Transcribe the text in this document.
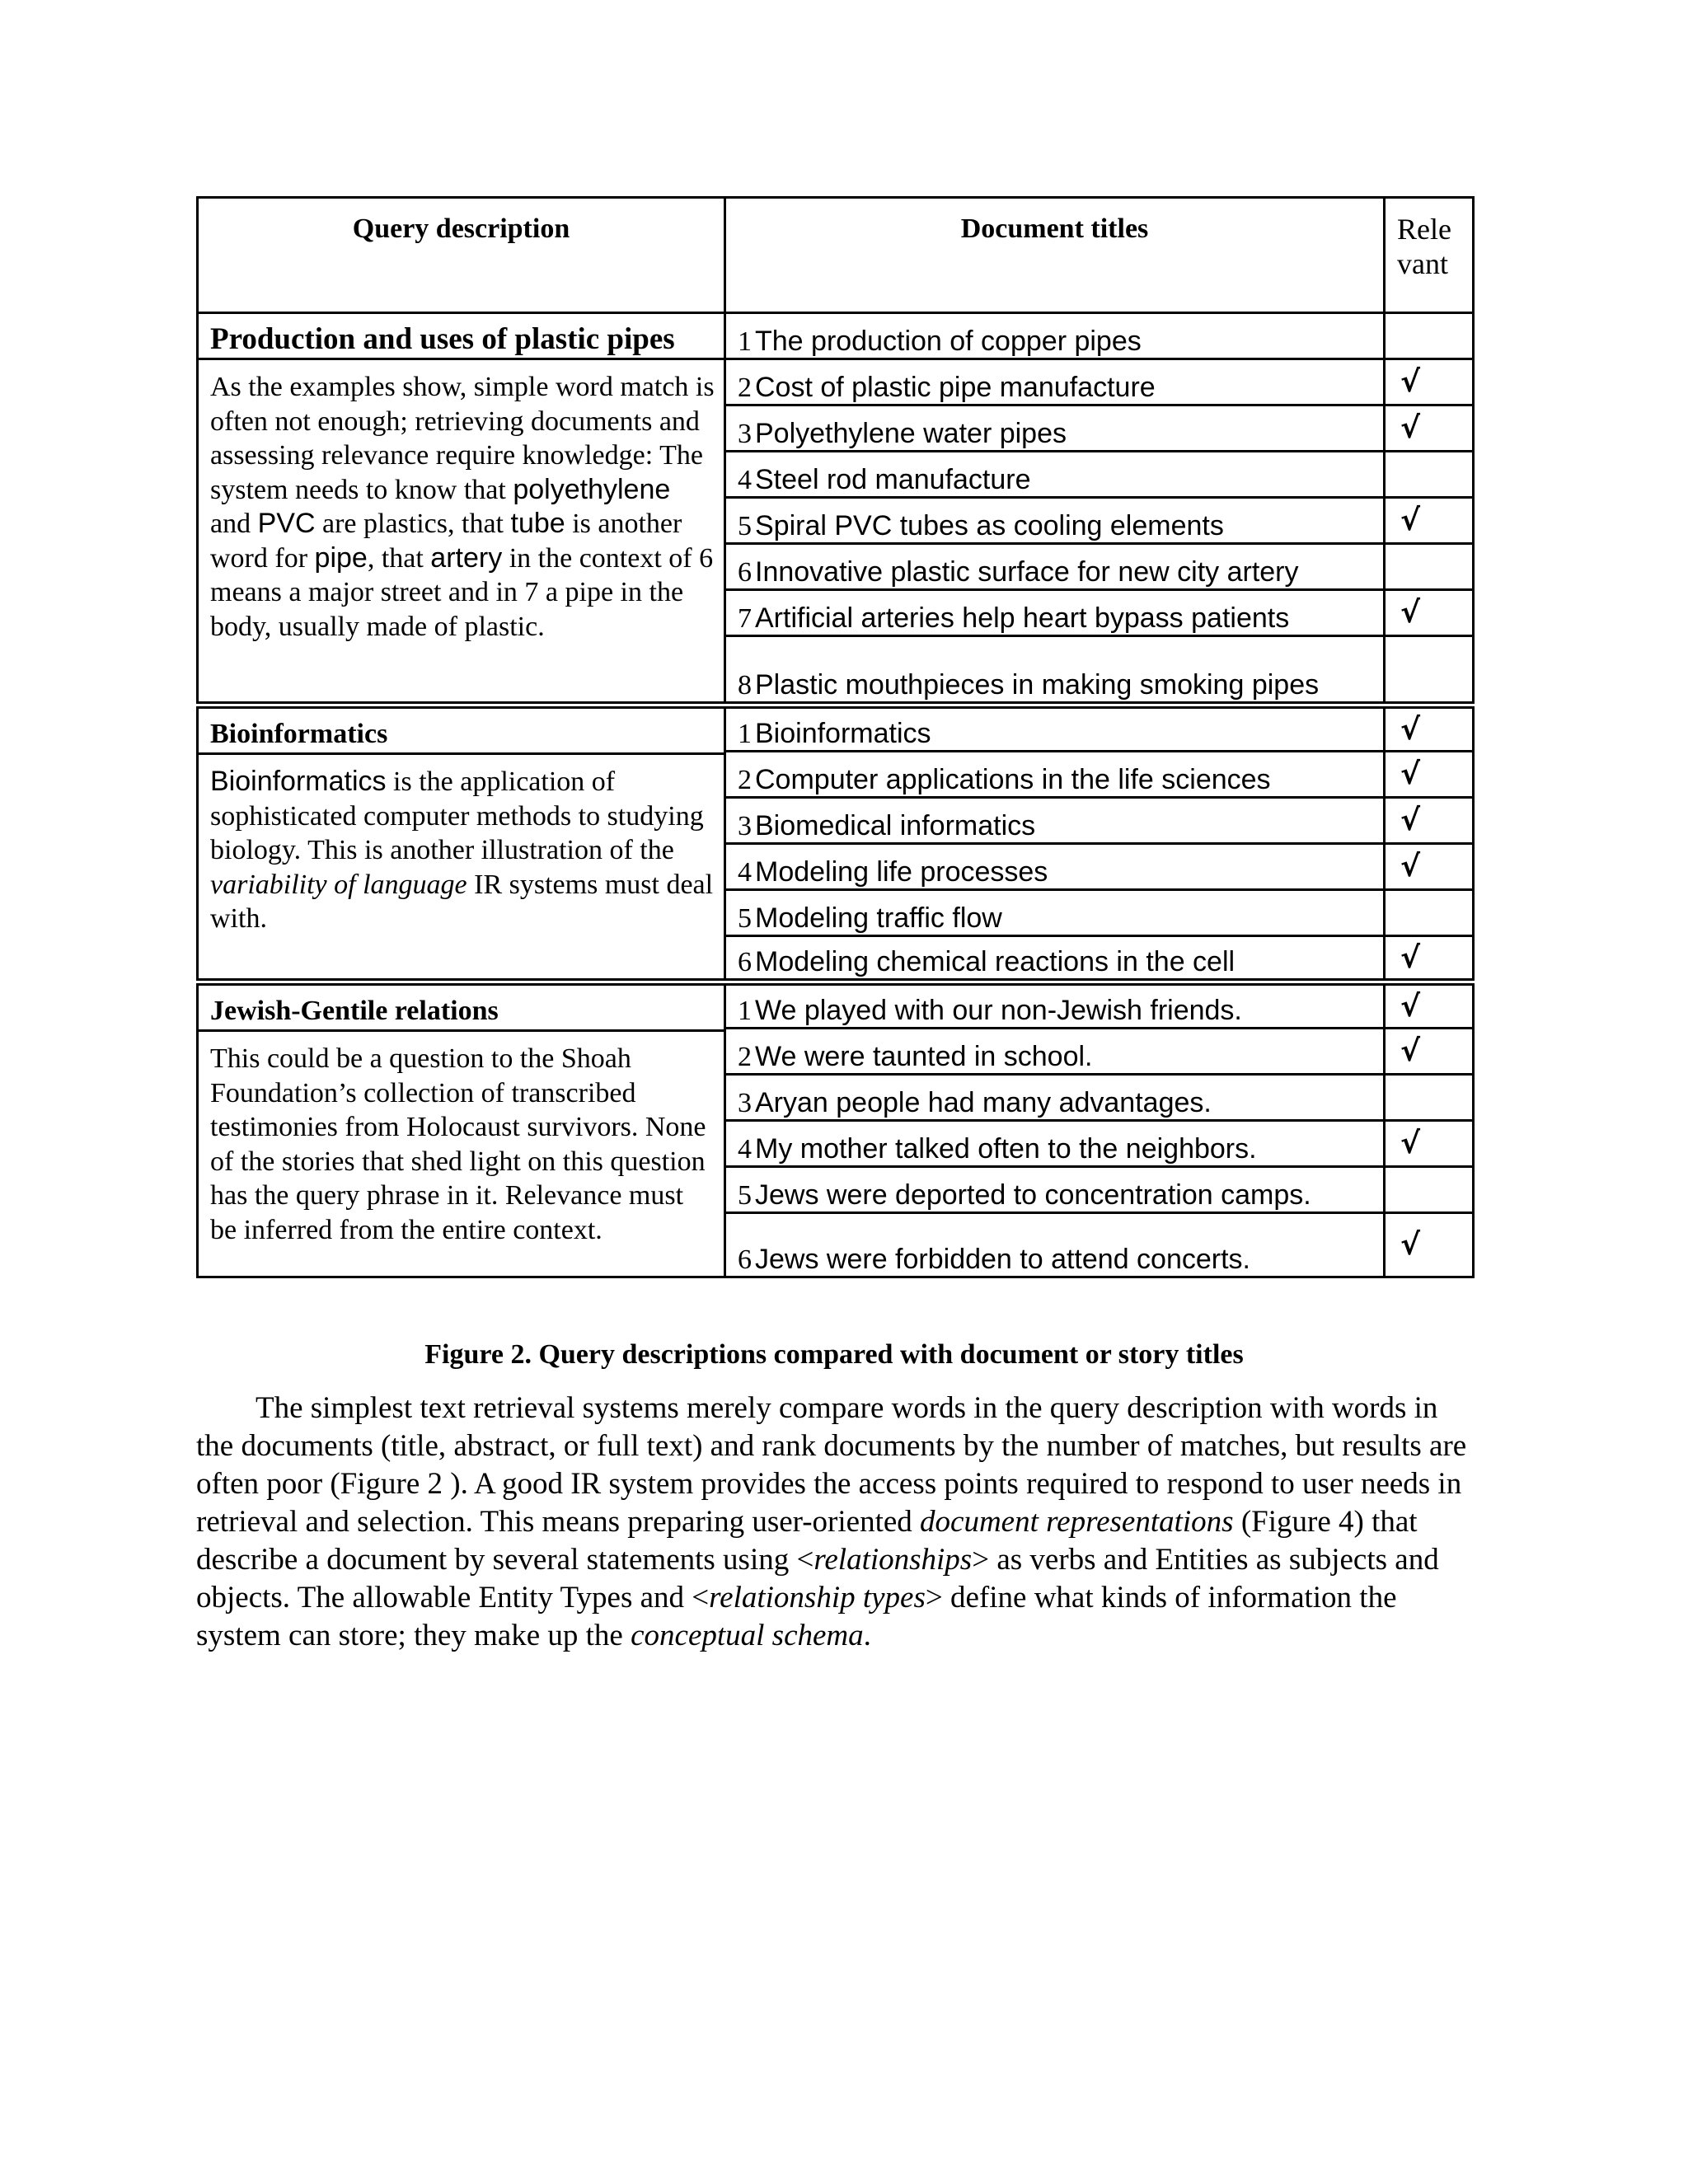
Query description	Document titles	Rele vant

Production and uses of plastic pipes
As the examples show, simple word match is often not enough; retrieving documents and assessing relevance require knowledge: The system needs to know that polyethylene and PVC are plastics, that tube is another word for pipe, that artery in the context of 6 means a major street and in 7 a pipe in the body, usually made of plastic.	1 The production of copper pipes	
	2 Cost of plastic pipe manufacture	√
	3 Polyethylene water pipes	√
	4 Steel rod manufacture	
	5 Spiral PVC tubes as cooling elements	√
	6 Innovative plastic surface for new city artery	
	7 Artificial arteries help heart bypass patients	√
	8 Plastic mouthpieces in making smoking pipes	

Bioinformatics
Bioinformatics is the application of sophisticated computer methods to studying biology. This is another illustration of the variability of language IR systems must deal with.	1 Bioinformatics	√
	2 Computer applications in the life sciences	√
	3 Biomedical informatics	√
	4 Modeling life processes	√
	5 Modeling traffic flow	
	6 Modeling chemical reactions in the cell	√

Jewish-Gentile relations
This could be a question to the Shoah Foundation’s collection of transcribed testimonies from Holocaust survivors. None of the stories that shed light on this question has the query phrase in it. Relevance must be inferred from the entire context.	1 We played with our non-Jewish friends.	√
	2 We were taunted in school.	√
	3 Aryan people had many advantages.	
	4 My mother talked often to the neighbors.	√
	5 Jews were deported to concentration camps.	
	6 Jews were forbidden to attend concerts.	√
Figure 2. Query descriptions compared with document or story titles
The simplest text retrieval systems merely compare words in the query description with words in the documents (title, abstract, or full text) and rank documents by the number of matches, but results are often poor (Figure 2 ). A good IR system provides the access points required to respond to user needs in retrieval and selection. This means preparing user-oriented document representations (Figure 4) that describe a document by several statements using <relationships> as verbs and Entities as subjects and objects. The allowable Entity Types and <relationship types> define what kinds of information the system can store; they make up the conceptual schema.
